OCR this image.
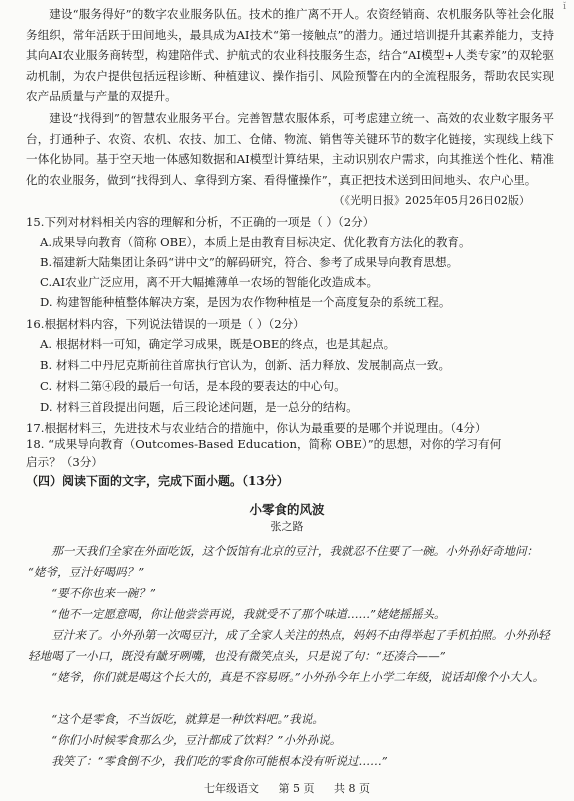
ĭ

建设“服务得好”的数字农业服务队伍。技术的推广离不开人。农资经销商、农机服务队等社会化服务组织，常年活跃于田间地头，最具成为AI技术“第一接触点”的潜力。通过培训提升其素养能力，支持其向AI农业服务商转型，构建陪伴式、护航式的农业科技服务生态，结合“AI模型+人类专家”的双轮驱动机制，为农户提供包括远程诊断、种植建议、操作指引、风险预警在内的全流程服务，帮助农民实现农产品质量与产量的双提升。

建设“找得到”的智慧农业服务平台。完善智慧农服体系，可考虑建立统一、高效的农业数字服务平台，打通种子、农资、农机、农技、加工、仓储、物流、销售等关键环节的数字化链接，实现线上线下一体化协同。基于空天地一体感知数据和AI模型计算结果，主动识别农户需求，向其推送个性化、精准化的农业服务，做到“找得到人、拿得到方案、看得懂操作”，真正把技术送到田间地头、农户心里。

（《光明日报》2025年05月26日02版）

15.下列对材料相关内容的理解和分析，不正确的一项是（ ）（2分）

A.成果导向教育（简称 OBE），本质上是由教育目标决定、优化教育方法化的教育。

B.福建新大陆集团让条码“讲中文”的解码研究，符合、参考了成果导向教育思想。

C.AI农业广泛应用，离不开大幅摊薄单一农场的智能化改造成本。

D. 构建智能种植整体解决方案，是因为农作物种植是一个高度复杂的系统工程。

16.根据材料内容，下列说法错误的一项是（ ）（2分）

A. 根据材料一可知，确定学习成果，既是OBE的终点，也是其起点。

B. 材料二中丹尼克斯前往首席执行官认为，创新、活力释放、发展制高点一致。

C. 材料二第④段的最后一句话，是本段的要表达的中心句。

D. 材料三首段提出问题，后三段论述问题，是一总分的结构。

17.根据材料三，先进技术与农业结合的措施中，你认为最重要的是哪个并说理由。（4分）

18. “成果导向教育（Outcomes-Based Education，简称 OBE）”的思想，对你的学习有何

（四）阅读下面的文字，完成下面小题。（13分）

启示？（3分）

小零食的风波
张之路

那一天我们全家在外面吃饭，这个饭馆有北京的豆汁，我就忍不住要了一碗。小外孙好奇地问：

“姥爷，豆汁好喝吗？”

“要不你也来一碗？”

“他不一定愿意喝，你让他尝尝再说，我就受不了那个味道……”姥姥摇摇头。

豆汁来了。小外孙第一次喝豆汁，成了全家人关注的热点，妈妈不由得举起了手机拍照。小外孙轻轻地喝了一小口，既没有龇牙咧嘴，也没有微笑点头，只是说了句：“还凑合——”

“姥爷，你们就是喝这个长大的，真是不容易呀。”小外孙今年上小学二年级，说话却像个小大人。

“这个是零食，不当饭吃，就算是一种饮料吧。”我说。

“你们小时候零食那么少，豆汁都成了饮料？”小外孙说。

我笑了：“零食倒不少，我们吃的零食你可能根本没有听说过……”

七年级语文 第 5 页 共 8 页
